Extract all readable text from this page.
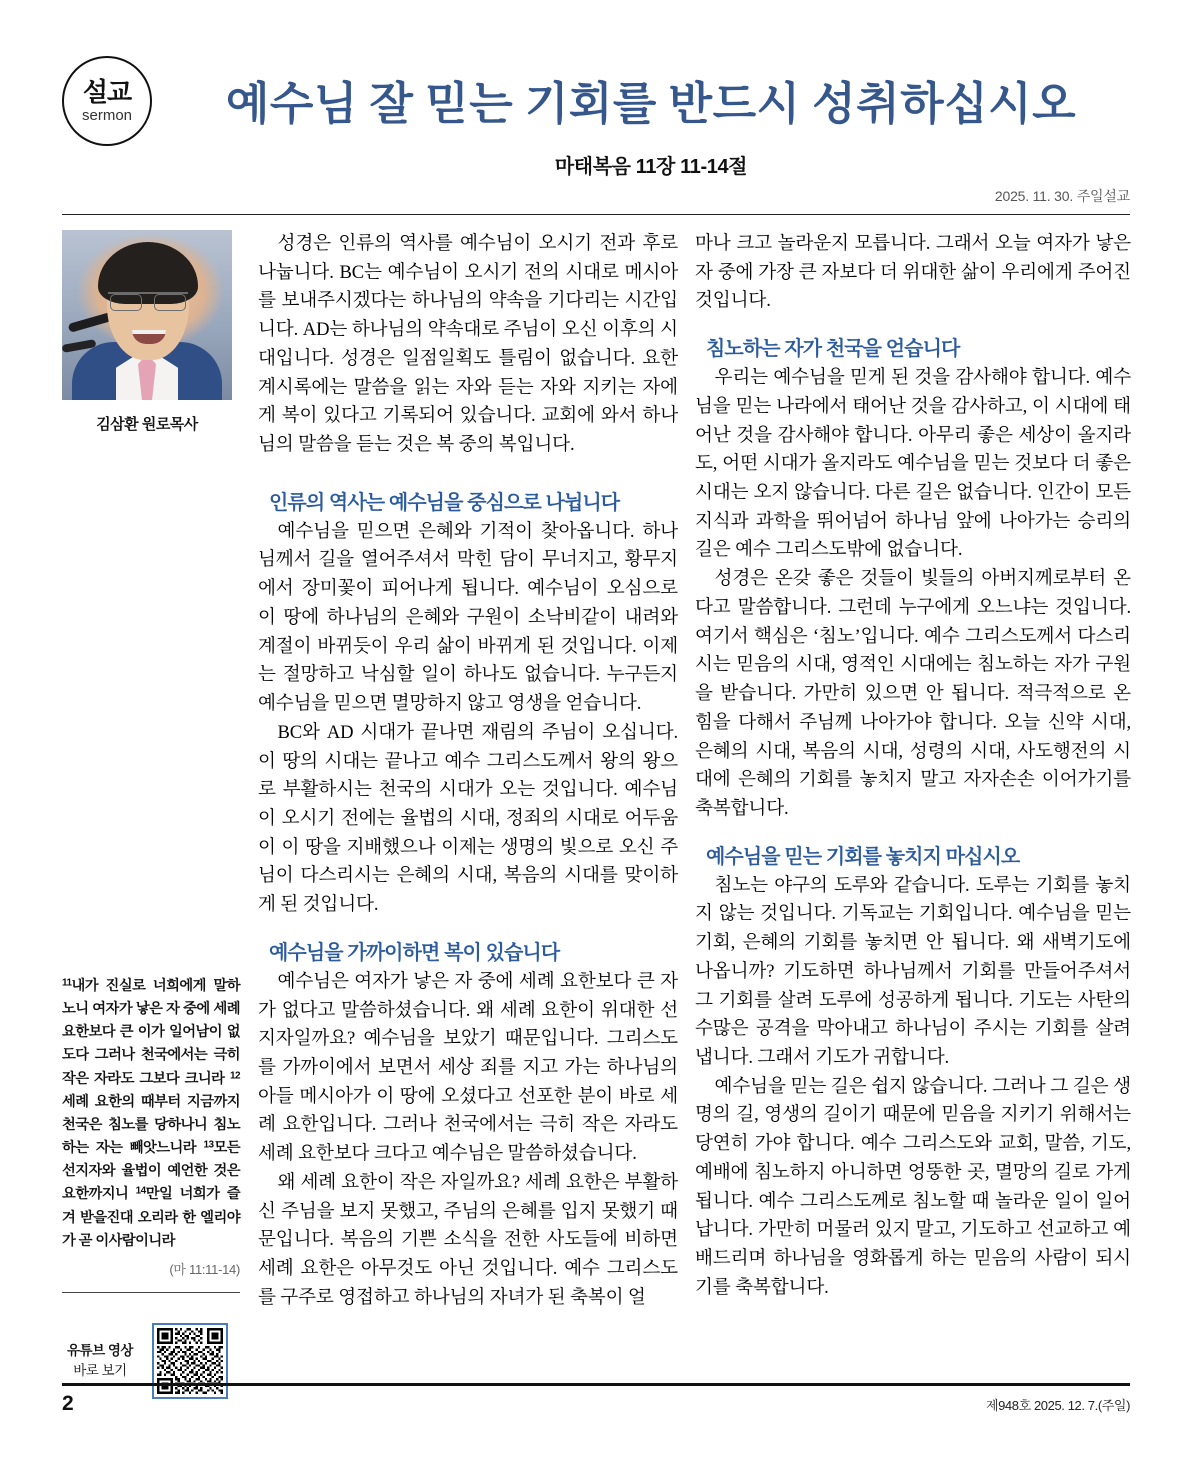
설교
sermon	예수님 잘 믿는 기회를 반드시 성취하십시오
마태복음 11장 11-14절
2025. 11. 30. 주일설교
김삼환 원로목사
$^{11}$내가 진실로 너희에게 말하노니 여자가 낳은 자 중에 세례 요한보다 큰 이가 일어남이 없도다 그러나 천국에서는 극히 작은 자라도 그보다 크니라 $^{12}$세례 요한의 때부터 지금까지 천국은 침노를 당하나니 침노하는 자는 빼앗느니라 $^{13}$모든 선지자와 율법이 예언한 것은 요한까지니 $^{14}$만일 너희가 즐겨 받을진대 오리라 한 엘리야가 곧 이사람이니라
(마 11:11-14)
유튜브 영상
바로 보기

성경은 인류의 역사를 예수님이 오시기 전과 후로 나눕니다. BC는 예수님이 오시기 전의 시대로 메시아를 보내주시겠다는 하나님의 약속을 기다리는 시간입니다. AD는 하나님의 약속대로 주님이 오신 이후의 시대입니다. 성경은 일점일획도 틀림이 없습니다. 요한계시록에는 말씀을 읽는 자와 듣는 자와 지키는 자에게 복이 있다고 기록되어 있습니다. 교회에 와서 하나님의 말씀을 듣는 것은 복 중의 복입니다.

인류의 역사는 예수님을 중심으로 나뉩니다

예수님을 믿으면 은혜와 기적이 찾아옵니다. 하나님께서 길을 열어주셔서 막힌 담이 무너지고, 황무지에서 장미꽃이 피어나게 됩니다. 예수님이 오심으로 이 땅에 하나님의 은혜와 구원이 소낙비같이 내려와 계절이 바뀌듯이 우리 삶이 바뀌게 된 것입니다. 이제는 절망하고 낙심할 일이 하나도 없습니다. 누구든지 예수님을 믿으면 멸망하지 않고 영생을 얻습니다.

BC와 AD 시대가 끝나면 재림의 주님이 오십니다. 이 땅의 시대는 끝나고 예수 그리스도께서 왕의 왕으로 부활하시는 천국의 시대가 오는 것입니다. 예수님이 오시기 전에는 율법의 시대, 정죄의 시대로 어두움이 이 땅을 지배했으나 이제는 생명의 빛으로 오신 주님이 다스리시는 은혜의 시대, 복음의 시대를 맞이하게 된 것입니다.

예수님을 가까이하면 복이 있습니다

예수님은 여자가 낳은 자 중에 세례 요한보다 큰 자가 없다고 말씀하셨습니다. 왜 세례 요한이 위대한 선지자일까요? 예수님을 보았기 때문입니다. 그리스도를 가까이에서 보면서 세상 죄를 지고 가는 하나님의 아들 메시아가 이 땅에 오셨다고 선포한 분이 바로 세례 요한입니다. 그러나 천국에서는 극히 작은 자라도 세례 요한보다 크다고 예수님은 말씀하셨습니다.

왜 세례 요한이 작은 자일까요? 세례 요한은 부활하신 주님을 보지 못했고, 주님의 은혜를 입지 못했기 때문입니다. 복음의 기쁜 소식을 전한 사도들에 비하면 세례 요한은 아무것도 아닌 것입니다. 예수 그리스도를 구주로 영접하고 하나님의 자녀가 된 축복이 얼

마나 크고 놀라운지 모릅니다. 그래서 오늘 여자가 낳은 자 중에 가장 큰 자보다 더 위대한 삶이 우리에게 주어진 것입니다.

침노하는 자가 천국을 얻습니다

우리는 예수님을 믿게 된 것을 감사해야 합니다. 예수님을 믿는 나라에서 태어난 것을 감사하고, 이 시대에 태어난 것을 감사해야 합니다. 아무리 좋은 세상이 올지라도, 어떤 시대가 올지라도 예수님을 믿는 것보다 더 좋은 시대는 오지 않습니다. 다른 길은 없습니다. 인간이 모든 지식과 과학을 뛰어넘어 하나님 앞에 나아가는 승리의 길은 예수 그리스도밖에 없습니다.

성경은 온갖 좋은 것들이 빛들의 아버지께로부터 온다고 말씀합니다. 그런데 누구에게 오느냐는 것입니다. 여기서 핵심은 ‘침노’입니다. 예수 그리스도께서 다스리시는 믿음의 시대, 영적인 시대에는 침노하는 자가 구원을 받습니다. 가만히 있으면 안 됩니다. 적극적으로 온 힘을 다해서 주님께 나아가야 합니다. 오늘 신약 시대, 은혜의 시대, 복음의 시대, 성령의 시대, 사도행전의 시대에 은혜의 기회를 놓치지 말고 자자손손 이어가기를 축복합니다.

예수님을 믿는 기회를 놓치지 마십시오

침노는 야구의 도루와 같습니다. 도루는 기회를 놓치지 않는 것입니다. 기독교는 기회입니다. 예수님을 믿는 기회, 은혜의 기회를 놓치면 안 됩니다. 왜 새벽기도에 나옵니까? 기도하면 하나님께서 기회를 만들어주셔서 그 기회를 살려 도루에 성공하게 됩니다. 기도는 사탄의 수많은 공격을 막아내고 하나님이 주시는 기회를 살려냅니다. 그래서 기도가 귀합니다.

예수님을 믿는 길은 쉽지 않습니다. 그러나 그 길은 생명의 길, 영생의 길이기 때문에 믿음을 지키기 위해서는 당연히 가야 합니다. 예수 그리스도와 교회, 말씀, 기도, 예배에 침노하지 아니하면 엉뚱한 곳, 멸망의 길로 가게 됩니다. 예수 그리스도께로 침노할 때 놀라운 일이 일어납니다. 가만히 머물러 있지 말고, 기도하고 선교하고 예배드리며 하나님을 영화롭게 하는 믿음의 사람이 되시기를 축복합니다.

2	제948호 2025. 12. 7.(주일)
